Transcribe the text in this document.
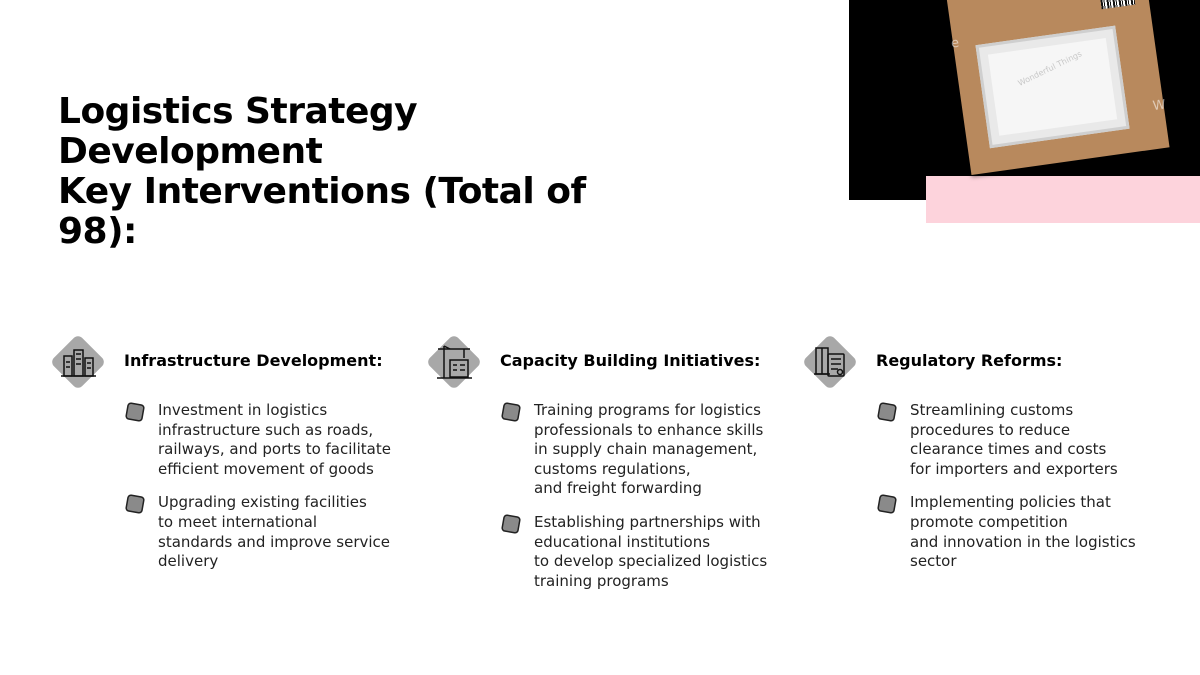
Logistics Strategy
Development
Key Interventions (Total of
98):
Wonderful Things
e
W
Infrastructure Development:
Investment in logistics
infrastructure such as roads,
railways, and ports to facilitate
efficient movement of goods
Upgrading existing facilities
to meet international
standards and improve service
delivery
Capacity Building Initiatives:
Training programs for logistics
professionals to enhance skills
in supply chain management,
customs regulations,
and freight forwarding
Establishing partnerships with
educational institutions
to develop specialized logistics
training programs
Regulatory Reforms:
Streamlining customs
procedures to reduce
clearance times and costs
for importers and exporters
Implementing policies that
promote competition
and innovation in the logistics
sector
